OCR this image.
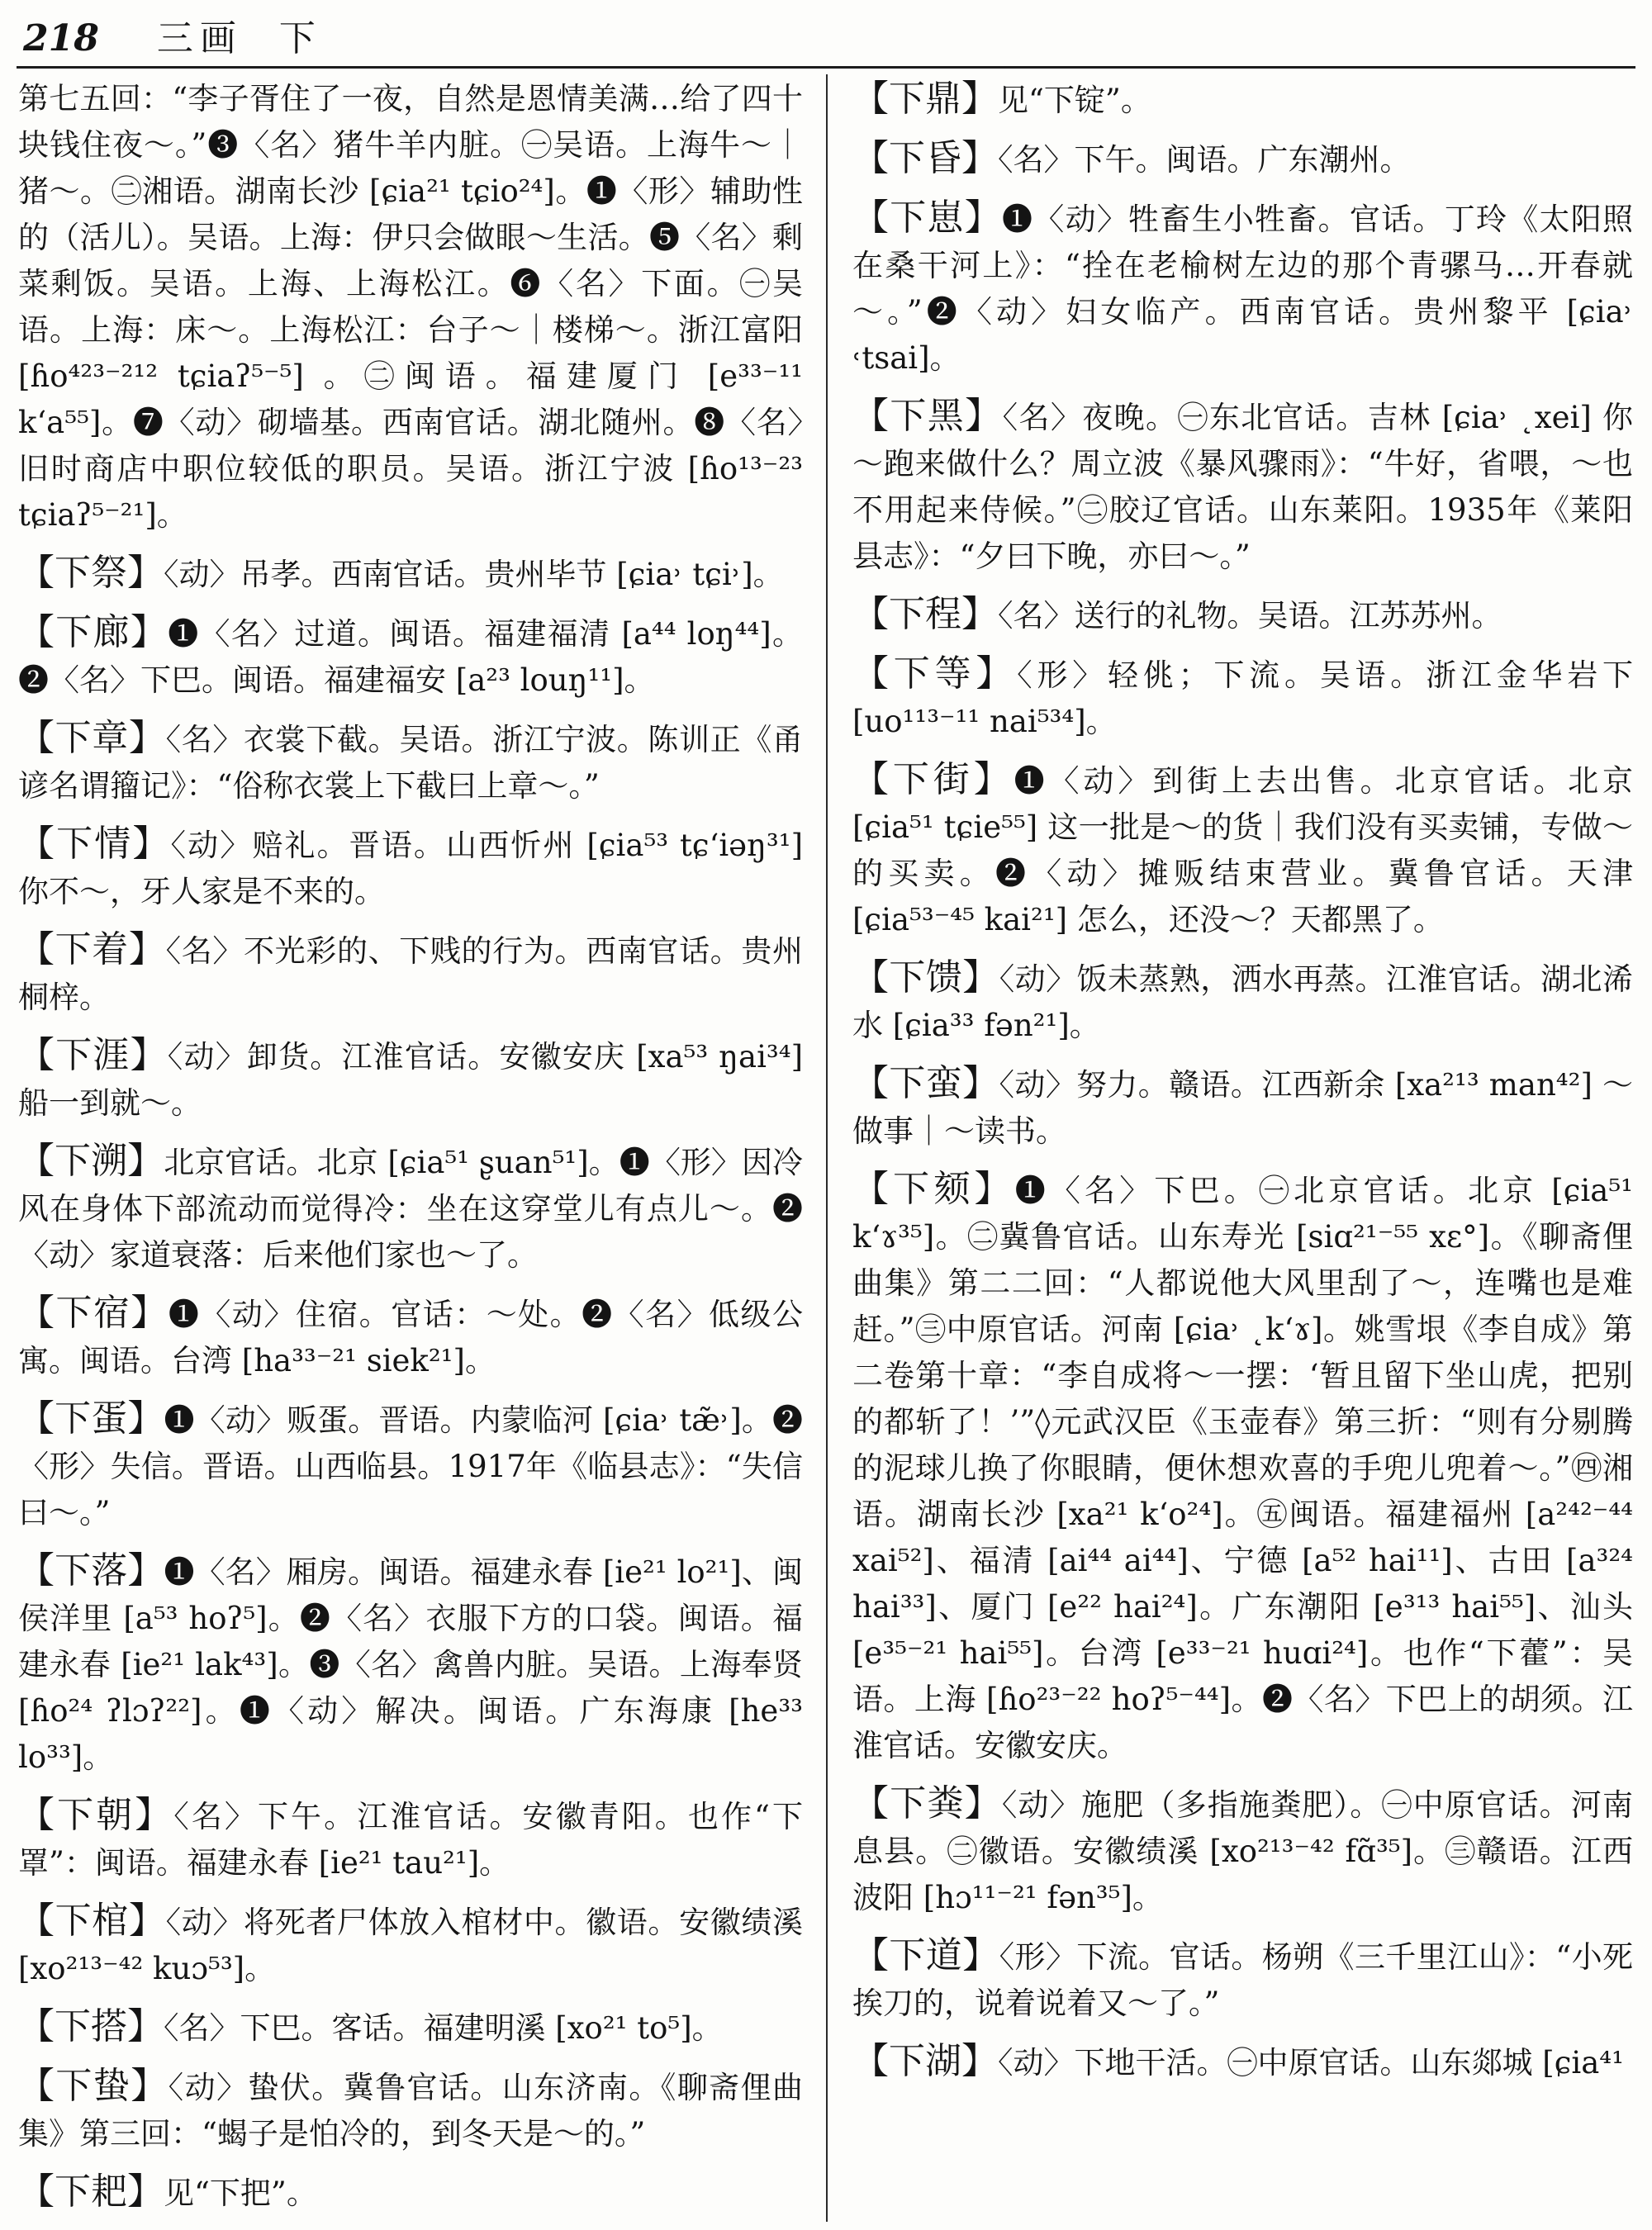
218 三画 下
第七五回：“李子胥住了一夜，自然是恩情美满…给了四十块钱住夜～。”❸〈名〉猪牛羊内脏。㊀吴语。上海牛～｜猪～。㊁湘语。湖南长沙 [ɕia²¹ tɕio²⁴]。❶〈形〉辅助性的（活儿）。吴语。上海：伊只会做眼～生活。❺〈名〉剩菜剩饭。吴语。上海、上海松江。❻〈名〉下面。㊀吴语。上海：床～。上海松江：台子～｜楼梯～。浙江富阳 [ɦo⁴²³⁻²¹² tɕiaʔ⁵⁻⁵] 。㊁闽语。福建厦门 [e³³⁻¹¹ kʻa⁵⁵]。❼〈动〉砌墙基。西南官话。湖北随州。❽〈名〉旧时商店中职位较低的职员。吴语。浙江宁波 [ɦo¹³⁻²³ tɕiaʔ⁵⁻²¹]。
【下祭】〈动〉吊孝。西南官话。贵州毕节 [ɕia˒ tɕi˒]。
【下廊】❶〈名〉过道。闽语。福建福清 [a⁴⁴ loŋ⁴⁴]。❷〈名〉下巴。闽语。福建福安 [a²³ louŋ¹¹]。
【下章】〈名〉衣裳下截。吴语。浙江宁波。陈训正《甬谚名谓籀记》：“俗称衣裳上下截曰上章～。”
【下情】〈动〉赔礼。晋语。山西忻州 [ɕia⁵³ tɕʻiəŋ³¹] 你不～，牙人家是不来的。
【下着】〈名〉不光彩的、下贱的行为。西南官话。贵州桐梓。
【下涯】〈动〉卸货。江淮官话。安徽安庆 [xa⁵³ ŋai³⁴] 船一到就～。
【下溯】北京官话。北京 [ɕia⁵¹ ʂuan⁵¹]。❶〈形〉因冷风在身体下部流动而觉得冷：坐在这穿堂儿有点儿～。❷〈动〉家道衰落：后来他们家也～了。
【下宿】❶〈动〉住宿。官话：～处。❷〈名〉低级公寓。闽语。台湾 [ha³³⁻²¹ siek²¹]。
【下蛋】❶〈动〉贩蛋。晋语。内蒙临河 [ɕia˒ tæ̃˒]。❷〈形〉失信。晋语。山西临县。1917年《临县志》：“失信曰～。”
【下落】❶〈名〉厢房。闽语。福建永春 [ie²¹ lo²¹]、闽侯洋里 [a⁵³ hoʔ⁵]。❷〈名〉衣服下方的口袋。闽语。福建永春 [ie²¹ lak⁴³]。❸〈名〉禽兽内脏。吴语。上海奉贤 [ɦo²⁴ ʔlɔʔ²²]。❶〈动〉解决。闽语。广东海康 [he³³ lo³³]。
【下朝】〈名〉下午。江淮官话。安徽青阳。也作“下罩”：闽语。福建永春 [ie²¹ tau²¹]。
【下棺】〈动〉将死者尸体放入棺材中。徽语。安徽绩溪 [xo²¹³⁻⁴² kuɔ⁵³]。
【下搭】〈名〉下巴。客话。福建明溪 [xo²¹ to⁵]。
【下蛰】〈动〉蛰伏。冀鲁官话。山东济南。《聊斋俚曲集》第三回：“蝎子是怕冷的，到冬天是～的。”
【下耙】见“下把”。
【下鼎】见“下锭”。
【下昏】〈名〉下午。闽语。广东潮州。
【下崽】❶〈动〉牲畜生小牲畜。官话。丁玲《太阳照在桑干河上》：“拴在老榆树左边的那个青骡马…开春就～。”❷〈动〉妇女临产。西南官话。贵州黎平 [ɕia˒ ˓tsai]。
【下黑】〈名〉夜晚。㊀东北官话。吉林 [ɕia˒ ˛xei] 你～跑来做什么？周立波《暴风骤雨》：“牛好，省喂，～也不用起来侍候。”㊁胶辽官话。山东莱阳。1935年《莱阳县志》：“夕曰下晚，亦曰～。”
【下程】〈名〉送行的礼物。吴语。江苏苏州。
【下等】〈形〉轻佻；下流。吴语。浙江金华岩下 [uo¹¹³⁻¹¹ nai⁵³⁴]。
【下街】❶〈动〉到街上去出售。北京官话。北京 [ɕia⁵¹ tɕie⁵⁵] 这一批是～的货｜我们没有买卖铺，专做～的买卖。❷〈动〉摊贩结束营业。冀鲁官话。天津 [ɕia⁵³⁻⁴⁵ kai²¹] 怎么，还没～？天都黑了。
【下馈】〈动〉饭未蒸熟，洒水再蒸。江淮官话。湖北浠水 [ɕia³³ fən²¹]。
【下蛮】〈动〉努力。赣语。江西新余 [xa²¹³ man⁴²] ～做事｜～读书。
【下颏】❶〈名〉下巴。㊀北京官话。北京 [ɕia⁵¹ kʻɤ³⁵]。㊁冀鲁官话。山东寿光 [siɑ²¹⁻⁵⁵ xɛ°]。《聊斋俚曲集》第二二回：“人都说他大风里刮了～，连嘴也是难赶。”㊂中原官话。河南 [ɕia˒ ˛kʻɤ]。姚雪垠《李自成》第二卷第十章：“李自成将～一摆：‘暂且留下坐山虎，把别的都斩了！’”◊元武汉臣《玉壶春》第三折：“则有分剔腾的泥球儿换了你眼睛，便休想欢喜的手兜儿兜着～。”㊃湘语。湖南长沙 [xa²¹ kʻo²⁴]。㊄闽语。福建福州 [a²⁴²⁻⁴⁴ xai⁵²]、福清 [ai⁴⁴ ai⁴⁴]、宁德 [a⁵² hai¹¹]、古田 [a³²⁴ hai³³]、厦门 [e²² hai²⁴]。广东潮阳 [e³¹³ hai⁵⁵]、汕头 [e³⁵⁻²¹ hai⁵⁵]。台湾 [e³³⁻²¹ huɑi²⁴]。也作“下藿”：吴语。上海 [ɦo²³⁻²² hoʔ⁵⁻⁴⁴]。❷〈名〉下巴上的胡须。江淮官话。安徽安庆。
【下粪】〈动〉施肥（多指施粪肥）。㊀中原官话。河南息县。㊁徽语。安徽绩溪 [xo²¹³⁻⁴² fɑ̃³⁵]。㊂赣语。江西波阳 [hɔ¹¹⁻²¹ fən³⁵]。
【下道】〈形〉下流。官话。杨朔《三千里江山》：“小死挨刀的，说着说着又～了。”
【下湖】〈动〉下地干活。㊀中原官话。山东郯城 [ɕia⁴¹
